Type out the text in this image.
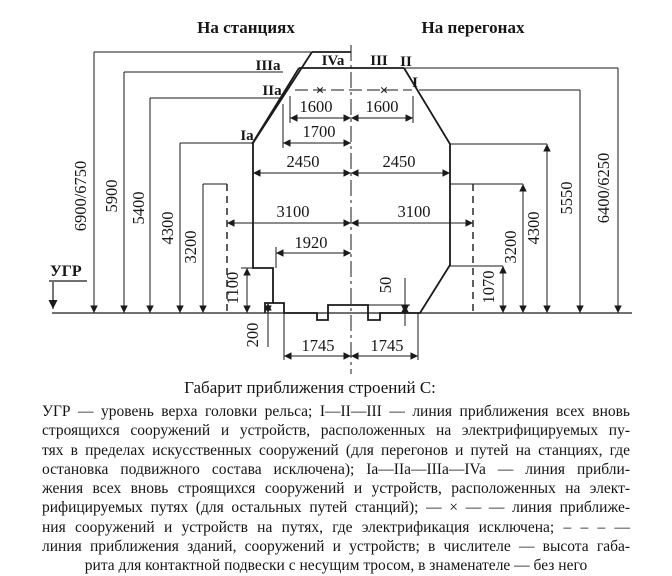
На станциях	На перегонах
IVa III II
I
IIIa
IIa
Ia
УГР
×	×
1600 1600
1700
2450	2450
3100	3100
1920
1745 1745
6900/6750 5900 5400
4300
3200
1100
200
50	1070
3200
4300
5550 6400/6250
Габарит приближения строений С:
УГР — уровень верха головки рельса; I—II—III — линия приближения всех вновь
строящихся сооружений и устройств, расположенных на электрифицируемых пу-
тях в пределах искусственных сооружений (для перегонов и путей на станциях, где
остановка подвижного состава исключена); Ia—IIa—IIIa—IVa — линия прибли-
жения всех вновь строящихся сооружений и устройств, расположенных на элект-
рифицируемых путях (для остальных путей станций); — × — — линия приближе-
ния сооружений и устройств на путях, где электрификация исключена; – – – —
линия приближения зданий, сооружений и устройств; в числителе — высота габа-
рита для контактной подвески с несущим тросом, в знаменателе — без него
